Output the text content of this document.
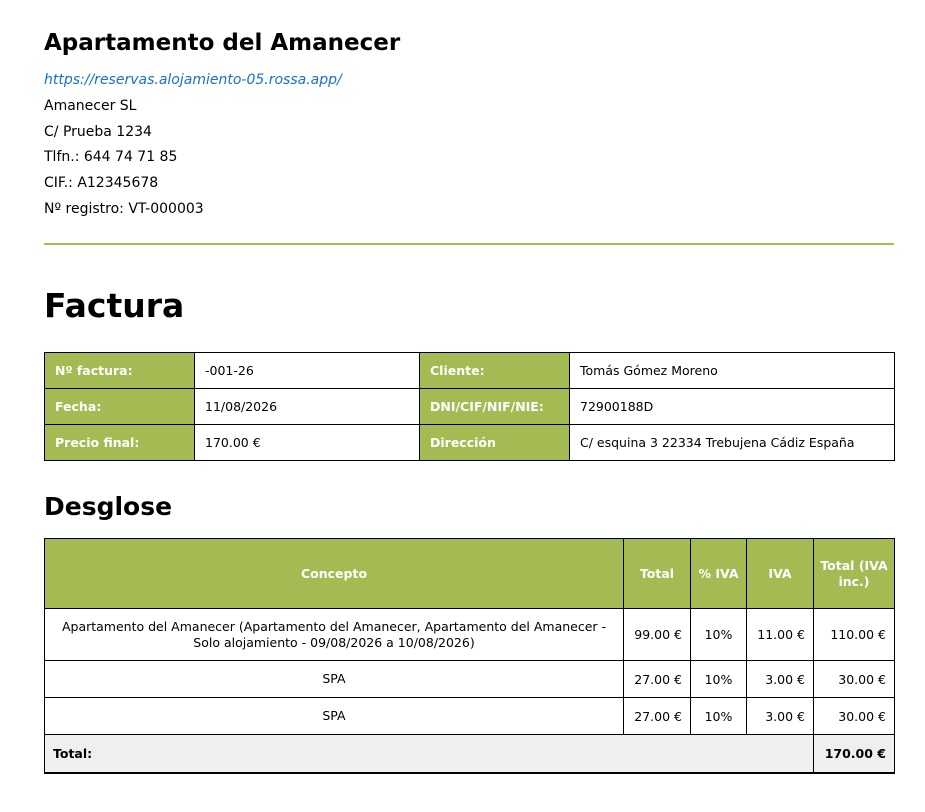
Apartamento del Amanecer
https://reservas.alojamiento-05.rossa.app/
Amanecer SL
C/ Prueba 1234
Tlfn.: 644 74 71 85
CIF.: A12345678
Nº registro: VT-000003
Factura
Nº factura:	-001-26	Cliente:	Tomás Gómez Moreno
Fecha:	11/08/2026	DNI/CIF/NIF/NIE:	72900188D
Precio final:	170.00 €	Dirección	C/ esquina 3 22334 Trebujena Cádiz España
Desglose
Concepto	Total	% IVA	IVA	Total (IVA inc.)
Apartamento del Amanecer (Apartamento del Amanecer, Apartamento del Amanecer - Solo alojamiento - 09/08/2026 a 10/08/2026)	99.00 €	10%	11.00 €	110.00 €
SPA	27.00 €	10%	3.00 €	30.00 €
SPA	27.00 €	10%	3.00 €	30.00 €
Total:				170.00 €
